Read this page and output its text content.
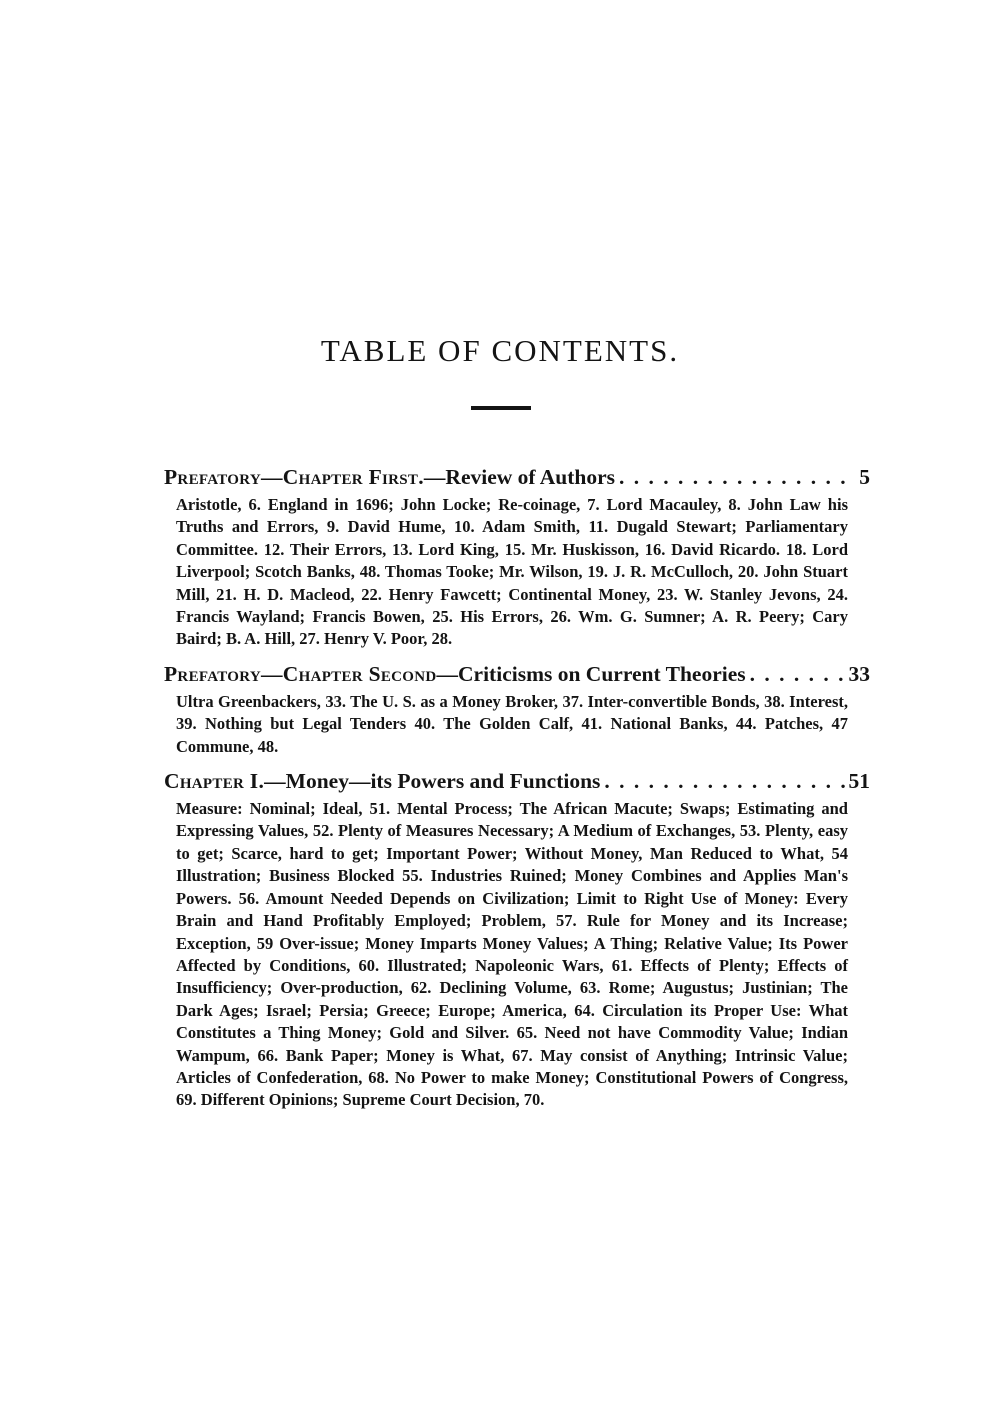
TABLE OF CONTENTS.
Prefatory—Chapter First. —Review of Authors . . .	5
Aristotle, 6. England in 1696; John Locke; Re-coinage, 7. Lord Macauley, 8. John Law his Truths and Errors, 9. David Hume, 10. Adam Smith, 11. Dugald Stewart; Parliamentary Committee. 12. Their Errors, 13. Lord King, 15. Mr. Huskisson, 16. David Ricardo. 18. Lord Liverpool; Scotch Banks, 48. Thomas Tooke; Mr. Wilson, 19. J. R. McCulloch, 20. John Stuart Mill, 21. H. D. Macleod, 22. Henry Fawcett; Continental Money, 23. W. Stanley Jevons, 24. Francis Wayland; Francis Bowen, 25. His Errors, 26. Wm. G. Sumner; A. R. Peery; Cary Baird; B. A. Hill, 27. Henry V. Poor, 28.
Prefatory—Chapter Second —Criticisms on Current Theories . . .	33
Ultra Greenbackers, 33. The U. S. as a Money Broker, 37. Inter-convertible Bonds, 38. Interest, 39. Nothing but Legal Tenders 40. The Golden Calf, 41. National Banks, 44. Patches, 47 Commune, 48.
Chapter I. —Money—its Powers and Functions . . .	51
Measure: Nominal; Ideal, 51. Mental Process; The African Macute; Swaps; Estimating and Expressing Values, 52. Plenty of Measures Necessary; A Medium of Exchanges, 53. Plenty, easy to get; Scarce, hard to get; Important Power; Without Money, Man Reduced to What, 54 Illustration; Business Blocked 55. Industries Ruined; Money Combines and Applies Man's Powers. 56. Amount Needed Depends on Civilization; Limit to Right Use of Money: Every Brain and Hand Profitably Employed; Problem, 57. Rule for Money and its Increase; Exception, 59 Over-issue; Money Imparts Money Values; A Thing; Relative Value; Its Power Affected by Conditions, 60. Illustrated; Napoleonic Wars, 61. Effects of Plenty; Effects of Insufficiency; Over-production, 62. Declining Volume, 63. Rome; Augustus; Justinian; The Dark Ages; Israel; Persia; Greece; Europe; America, 64. Circulation its Proper Use: What Constitutes a Thing Money; Gold and Silver. 65. Need not have Commodity Value; Indian Wampum, 66. Bank Paper; Money is What, 67. May consist of Anything; Intrinsic Value; Articles of Confederation, 68. No Power to make Money; Constitutional Powers of Congress, 69. Different Opinions; Supreme Court Decision, 70.
